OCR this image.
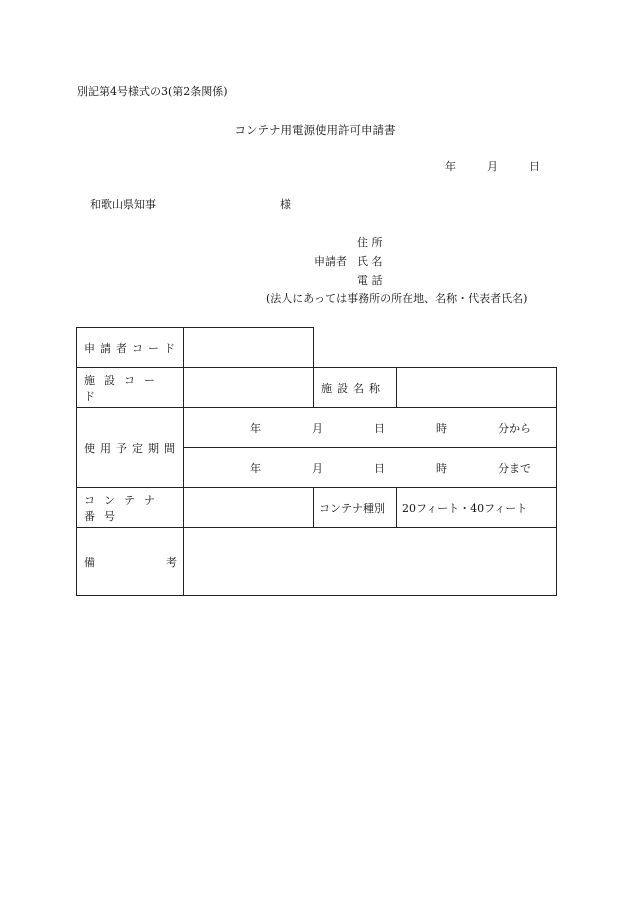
別記第4号様式の3(第2条関係)
コンテナ用電源使用許可申請書
年	月	日
和歌山県知事	様
住 所
申請者 氏 名
電 話
(法人にあっては事務所の所在地、名称・代表者氏名)
申請者コード			
施設コード		施設名称	
使用予定期間	年 月 日 時 分から		

	年 月 日 時 分まで		

コンテナ番号		コンテナ種別	20フィート・40フィート

備 考			
